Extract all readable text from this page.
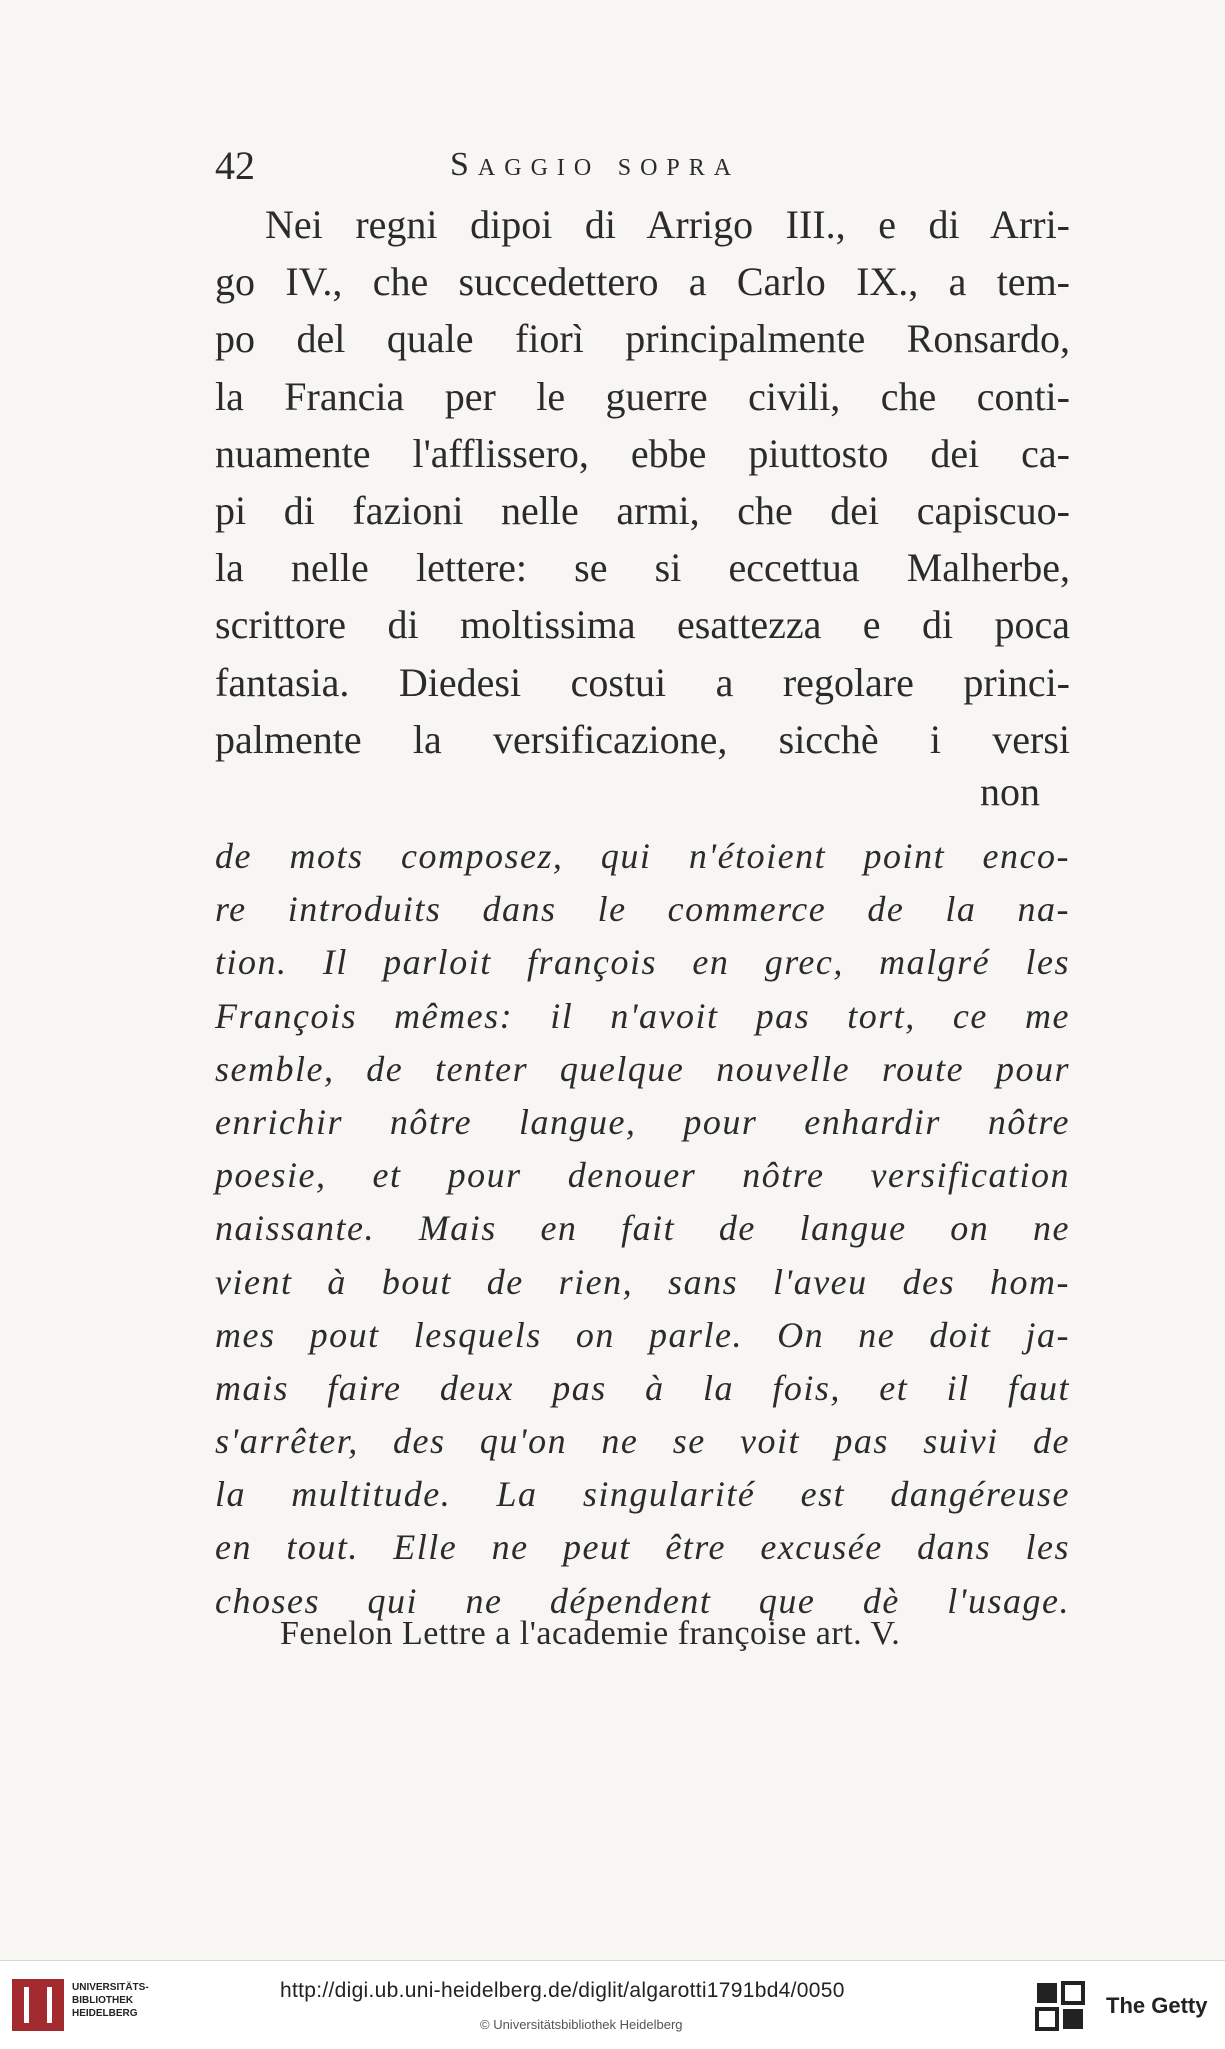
42	Saggio sopra
Nei regni dipoi di Arrigo III., e di Arri-
go IV., che succedettero a Carlo IX., a tem-
po del quale fiorì principalmente Ronsardo,
la Francia per le guerre civili, che conti-
nuamente l'afflissero, ebbe piuttosto dei ca-
pi di fazioni nelle armi, che dei capiscuo-
la nelle lettere: se si eccettua Malherbe,
scrittore di moltissima esattezza e di poca
fantasia. Diedesi costui a regolare princi-
palmente la versificazione, sicchè i versi
non
de mots composez, qui n'étoient point enco-
re introduits dans le commerce de la na-
tion. Il parloit françois en grec, malgré les
François mêmes: il n'avoit pas tort, ce me
semble, de tenter quelque nouvelle route pour
enrichir nôtre langue, pour enhardir nôtre
poesie, et pour denouer nôtre versification
naissante. Mais en fait de langue on ne
vient à bout de rien, sans l'aveu des hom-
mes pout lesquels on parle. On ne doit ja-
mais faire deux pas à la fois, et il faut
s'arrêter, des qu'on ne se voit pas suivi de
la multitude. La singularité est dangéreuse
en tout. Elle ne peut être excusée dans les
choses qui ne dépendent que dè l'usage.
Fenelon Lettre a l'academie françoise art. V.
UNIVERSITÄTS-
BIBLIOTHEK
HEIDELBERG
http://digi.ub.uni-heidelberg.de/diglit/algarotti1791bd4/0050
© Universitätsbibliothek Heidelberg
The Getty
